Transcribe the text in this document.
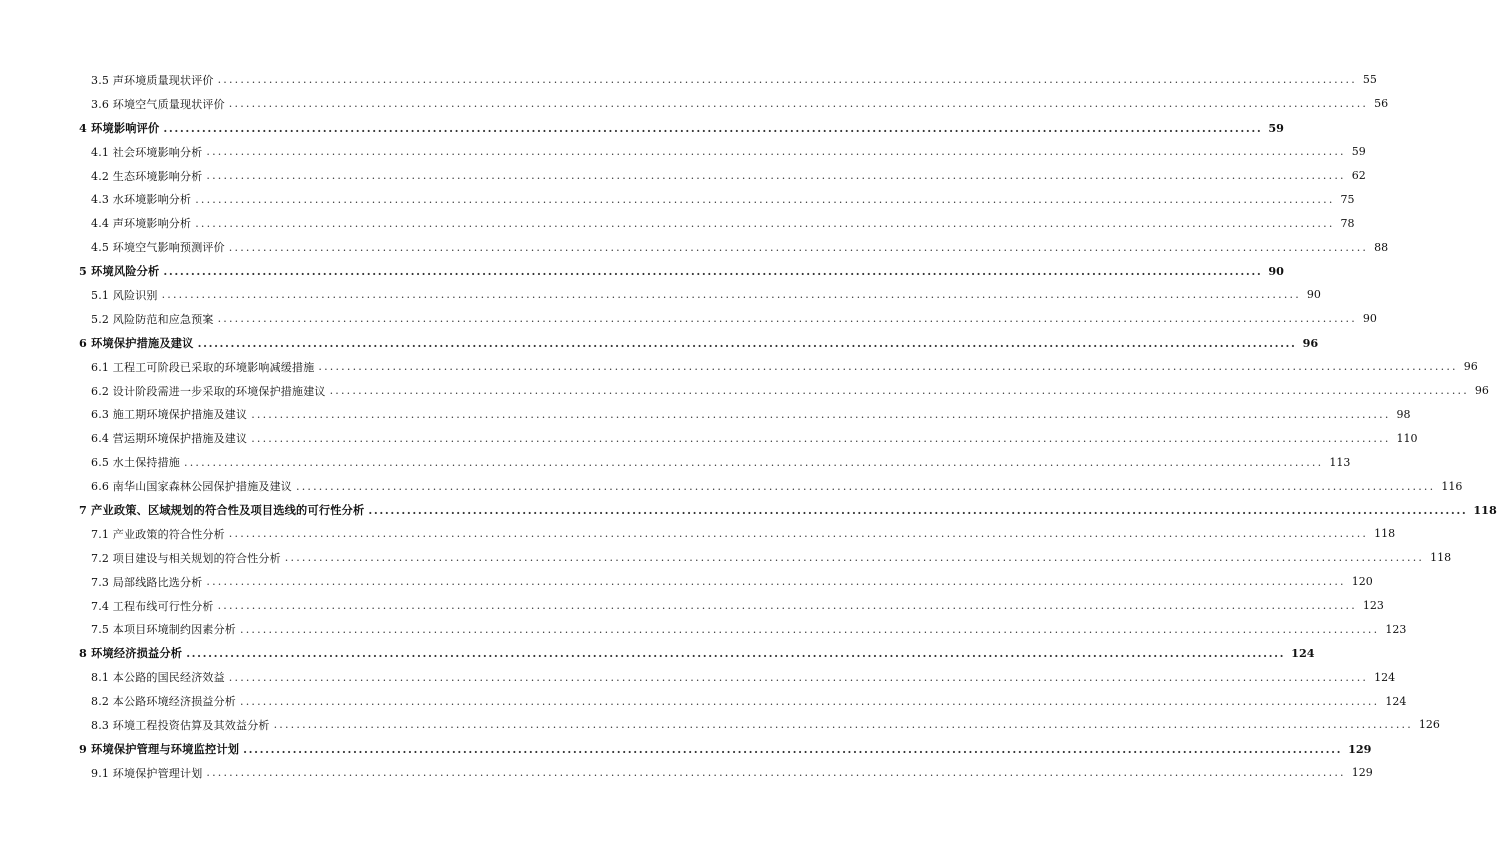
3.5 声环境质量现状评价 ........................................................................................................................................................................................................ 55
3.6 环境空气质量现状评价 ........................................................................................................................................................................................................ 56
4 环境影响评价 ........................................................................................................................................................................................................ 59
4.1 社会环境影响分析 ........................................................................................................................................................................................................ 59
4.2 生态环境影响分析 ........................................................................................................................................................................................................ 62
4.3 水环境影响分析 ........................................................................................................................................................................................................ 75
4.4 声环境影响分析 ........................................................................................................................................................................................................ 78
4.5 环境空气影响预测评价 ........................................................................................................................................................................................................ 88
5 环境风险分析 ........................................................................................................................................................................................................ 90
5.1 风险识别 ........................................................................................................................................................................................................ 90
5.2 风险防范和应急预案 ........................................................................................................................................................................................................ 90
6 环境保护措施及建议 ........................................................................................................................................................................................................ 96
6.1 工程工可阶段已采取的环境影响减缓措施 ........................................................................................................................................................................................................ 96
6.2 设计阶段需进一步采取的环境保护措施建议 ........................................................................................................................................................................................................ 96
6.3 施工期环境保护措施及建议 ........................................................................................................................................................................................................ 98
6.4 营运期环境保护措施及建议 ........................................................................................................................................................................................................ 110
6.5 水土保持措施 ........................................................................................................................................................................................................ 113
6.6 南华山国家森林公园保护措施及建议 ........................................................................................................................................................................................................ 116
7 产业政策、区域规划的符合性及项目选线的可行性分析 ........................................................................................................................................................................................................ 118
7.1 产业政策的符合性分析 ........................................................................................................................................................................................................ 118
7.2 项目建设与相关规划的符合性分析 ........................................................................................................................................................................................................ 118
7.3 局部线路比选分析 ........................................................................................................................................................................................................ 120
7.4 工程布线可行性分析 ........................................................................................................................................................................................................ 123
7.5 本项目环境制约因素分析 ........................................................................................................................................................................................................ 123
8 环境经济损益分析 ........................................................................................................................................................................................................ 124
8.1 本公路的国民经济效益 ........................................................................................................................................................................................................ 124
8.2 本公路环境经济损益分析 ........................................................................................................................................................................................................ 124
8.3 环境工程投资估算及其效益分析 ........................................................................................................................................................................................................ 126
9 环境保护管理与环境监控计划 ........................................................................................................................................................................................................ 129
9.1 环境保护管理计划 ........................................................................................................................................................................................................ 129
